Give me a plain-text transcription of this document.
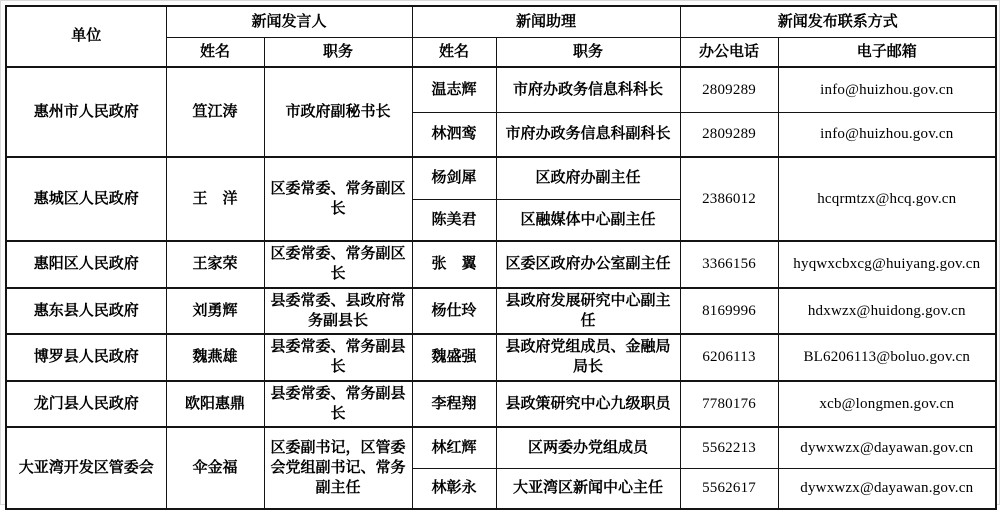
单位	新闻发言人		新闻助理		新闻发布联系方式	
	姓名	职务	姓名	职务	办公电话	电子邮箱
惠州市人民政府	笪江涛	市政府副秘书长	温志辉	市府办政务信息科科长	2809289	info@huizhou.gov.cn
			林泗鸾	市府办政务信息科副科长	2809289	info@huizhou.gov.cn
惠城区人民政府	王　洋	区委常委、常务副区长	杨剑犀	区政府办副主任	2386012	hcqrmtzx@hcq.gov.cn
			陈美君	区融媒体中心副主任		
惠阳区人民政府	王家荣	区委常委、常务副区长	张　翼	区委区政府办公室副主任	3366156	hyqwxcbxcg@huiyang.gov.cn
惠东县人民政府	刘勇辉	县委常委、县政府常务副县长	杨仕玲	县政府发展研究中心副主任	8169996	hdxwzx@huidong.gov.cn
博罗县人民政府	魏燕雄	县委常委、常务副县长	魏盛强	县政府党组成员、金融局局长	6206113	BL6206113@boluo.gov.cn
龙门县人民政府	欧阳惠鼎	县委常委、常务副县长	李程翔	县政策研究中心九级职员	7780176	xcb@longmen.gov.cn
大亚湾开发区管委会	伞金福	区委副书记，区管委会党组副书记、常务副主任	林红辉	区两委办党组成员	5562213	dywxwzx@dayawan.gov.cn
			林彰永	大亚湾区新闻中心主任	5562617	dywxwzx@dayawan.gov.cn
